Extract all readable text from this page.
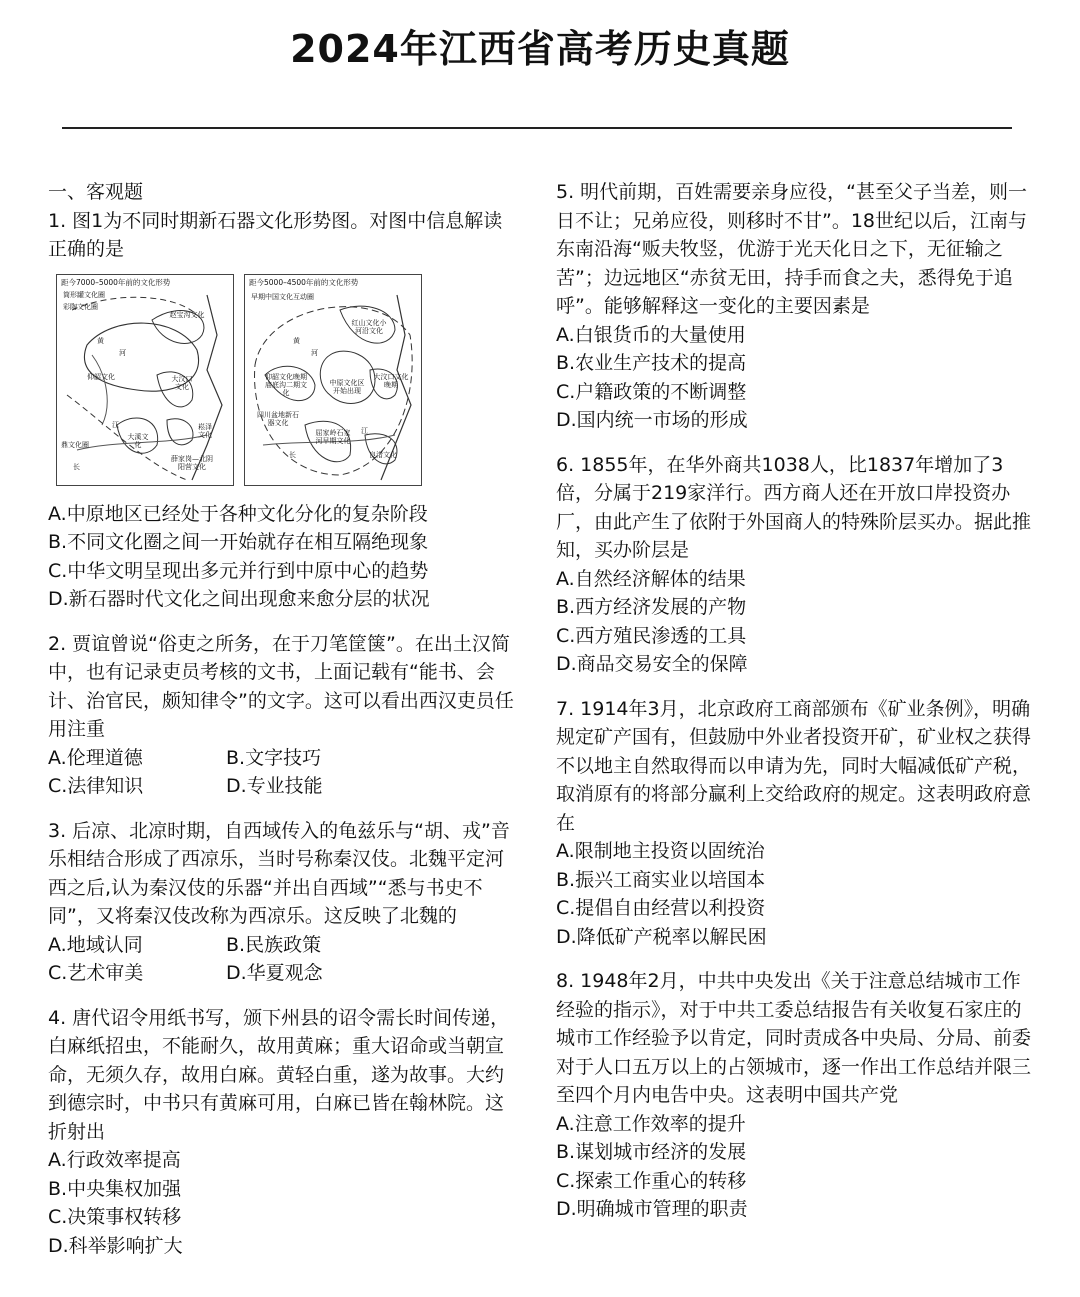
2024年江西省高考历史真题

一、客观题

1. 图1为不同时期新石器文化形势图。对图中信息解读正确的是

距今7000–5000年前的文化形势
筒形罐文化圈
彩陶文化圈
赵宝沟文化
黄
河
仰韶文化	大汶口文化
江
大溪文化
崧泽文化
薛家岗—北阴阳营文化
鼎文化圈
长
距今5000–4500年前的文化形势
早期中国文化互动圈
红山文化小河沿文化
黄
河
仰韶文化晚期庙底沟二期文化
中原文化区开始出现
大汶口文化晚期
四川盆地新石器文化
屈家岭石家河早期文化
江
良渚文化
长

A.中原地区已经处于各种文化分化的复杂阶段

B.不同文化圈之间一开始就存在相互隔绝现象

C.中华文明呈现出多元并行到中原中心的趋势

D.新石器时代文化之间出现愈来愈分层的状况

2. 贾谊曾说“俗吏之所务，在于刀笔筐箧”。在出土汉简中，也有记录吏员考核的文书，上面记载有“能书、会计、治官民，颇知律令”的文字。这可以看出西汉吏员任用注重

A.伦理道德	B.文字技巧
C.法律知识	D.专业技能

3. 后凉、北凉时期，自西域传入的龟兹乐与“胡、戎”音乐相结合形成了西凉乐，当时号称秦汉伎。北魏平定河西之后,认为秦汉伎的乐器“并出自西域”“悉与书史不同”，又将秦汉伎改称为西凉乐。这反映了北魏的

A.地域认同	B.民族政策
C.艺术审美	D.华夏观念

4. 唐代诏令用纸书写，颁下州县的诏令需长时间传递，白麻纸招虫，不能耐久，故用黄麻；重大诏命或当朝宣命，无须久存，故用白麻。黄轻白重，遂为故事。大约到德宗时，中书只有黄麻可用，白麻已皆在翰林院。这折射出

A.行政效率提高

B.中央集权加强

C.决策事权转移

D.科举影响扩大

5. 明代前期，百姓需要亲身应役，“甚至父子当差，则一日不让；兄弟应役，则移时不甘”。18世纪以后，江南与东南沿海“贩夫牧竖，优游于光天化日之下，无征输之苦”；边远地区“赤贫无田，持手而食之夫，悉得免于追呼”。能够解释这一变化的主要因素是

A.白银货币的大量使用

B.农业生产技术的提高

C.户籍政策的不断调整

D.国内统一市场的形成

6. 1855年，在华外商共1038人，比1837年增加了3倍，分属于219家洋行。西方商人还在开放口岸投资办厂，由此产生了依附于外国商人的特殊阶层买办。据此推知，买办阶层是

A.自然经济解体的结果

B.西方经济发展的产物

C.西方殖民渗透的工具

D.商品交易安全的保障

7. 1914年3月，北京政府工商部颁布《矿业条例》，明确规定矿产国有，但鼓励中外业者投资开矿，矿业权之获得不以地主自然取得而以申请为先，同时大幅减低矿产税，取消原有的将部分赢利上交给政府的规定。这表明政府意在

A.限制地主投资以固统治

B.振兴工商实业以培国本

C.提倡自由经营以利投资

D.降低矿产税率以解民困

8. 1948年2月，中共中央发出《关于注意总结城市工作经验的指示》，对于中共工委总结报告有关收复石家庄的城市工作经验予以肯定，同时责成各中央局、分局、前委对于人口五万以上的占领城市，逐一作出工作总结并限三至四个月内电告中央。这表明中国共产党

A.注意工作效率的提升

B.谋划城市经济的发展

C.探索工作重心的转移

D.明确城市管理的职责
